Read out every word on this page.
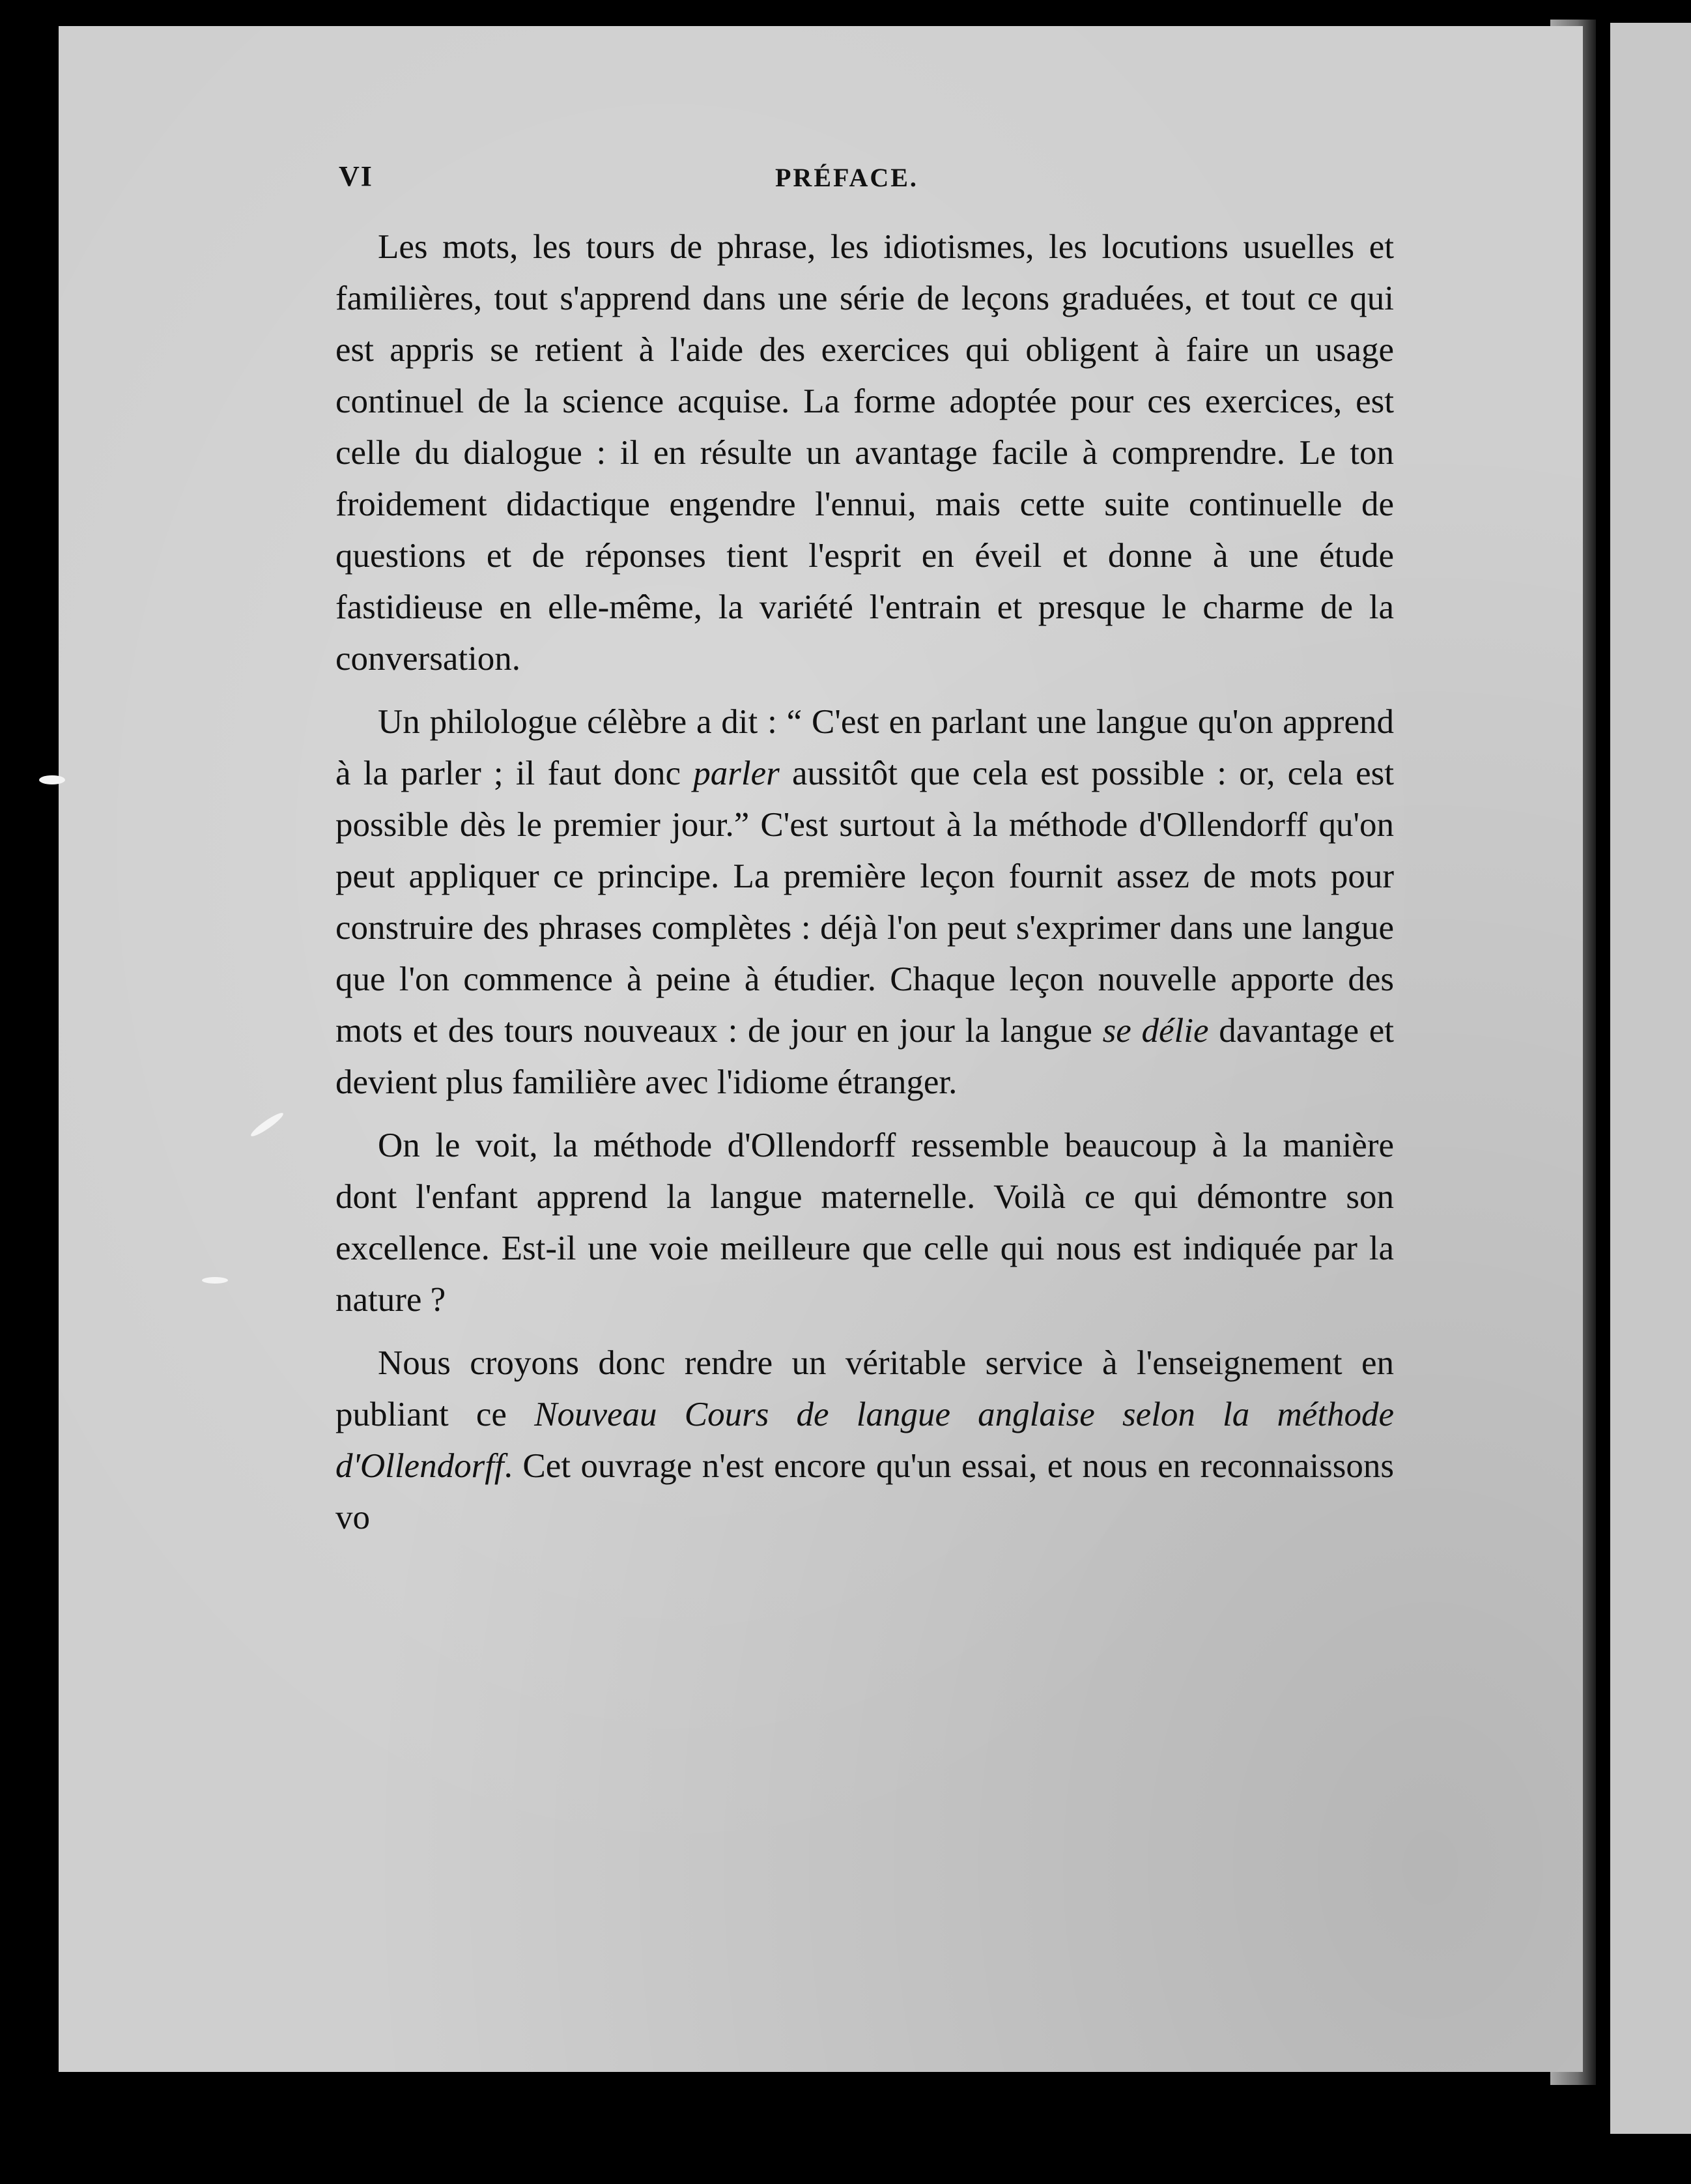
VI	PRÉFACE.

Les mots, les tours de phrase, les idiotismes, les locutions usuelles et familières, tout s'apprend dans une série de leçons graduées, et tout ce qui est appris se retient à l'aide des exercices qui obligent à faire un usage continuel de la science acquise. La forme adoptée pour ces exercices, est celle du dialogue : il en résulte un avantage facile à comprendre. Le ton froidement didactique engendre l'ennui, mais cette suite continuelle de questions et de réponses tient l'esprit en éveil et donne à une étude fastidieuse en elle-même, la variété l'entrain et presque le charme de la conversation.

Un philologue célèbre a dit : “ C'est en parlant une langue qu'on apprend à la parler ; il faut donc parler aussitôt que cela est possible : or, cela est possible dès le premier jour.” C'est surtout à la méthode d'Ollendorff qu'on peut appliquer ce principe. La première leçon fournit assez de mots pour construire des phrases complètes : déjà l'on peut s'exprimer dans une langue que l'on commence à peine à étudier. Chaque leçon nouvelle apporte des mots et des tours nouveaux : de jour en jour la langue se délie davantage et devient plus familière avec l'idiome étranger.

On le voit, la méthode d'Ollendorff ressemble beaucoup à la manière dont l'enfant apprend la langue maternelle. Voilà ce qui démontre son excellence. Est-il une voie meilleure que celle qui nous est indiquée par la nature ?

Nous croyons donc rendre un véritable service à l'enseignement en publiant ce Nouveau Cours de langue anglaise selon la méthode d'Ollendorff. Cet ouvrage n'est encore qu'un essai, et nous en reconnaissons vo
